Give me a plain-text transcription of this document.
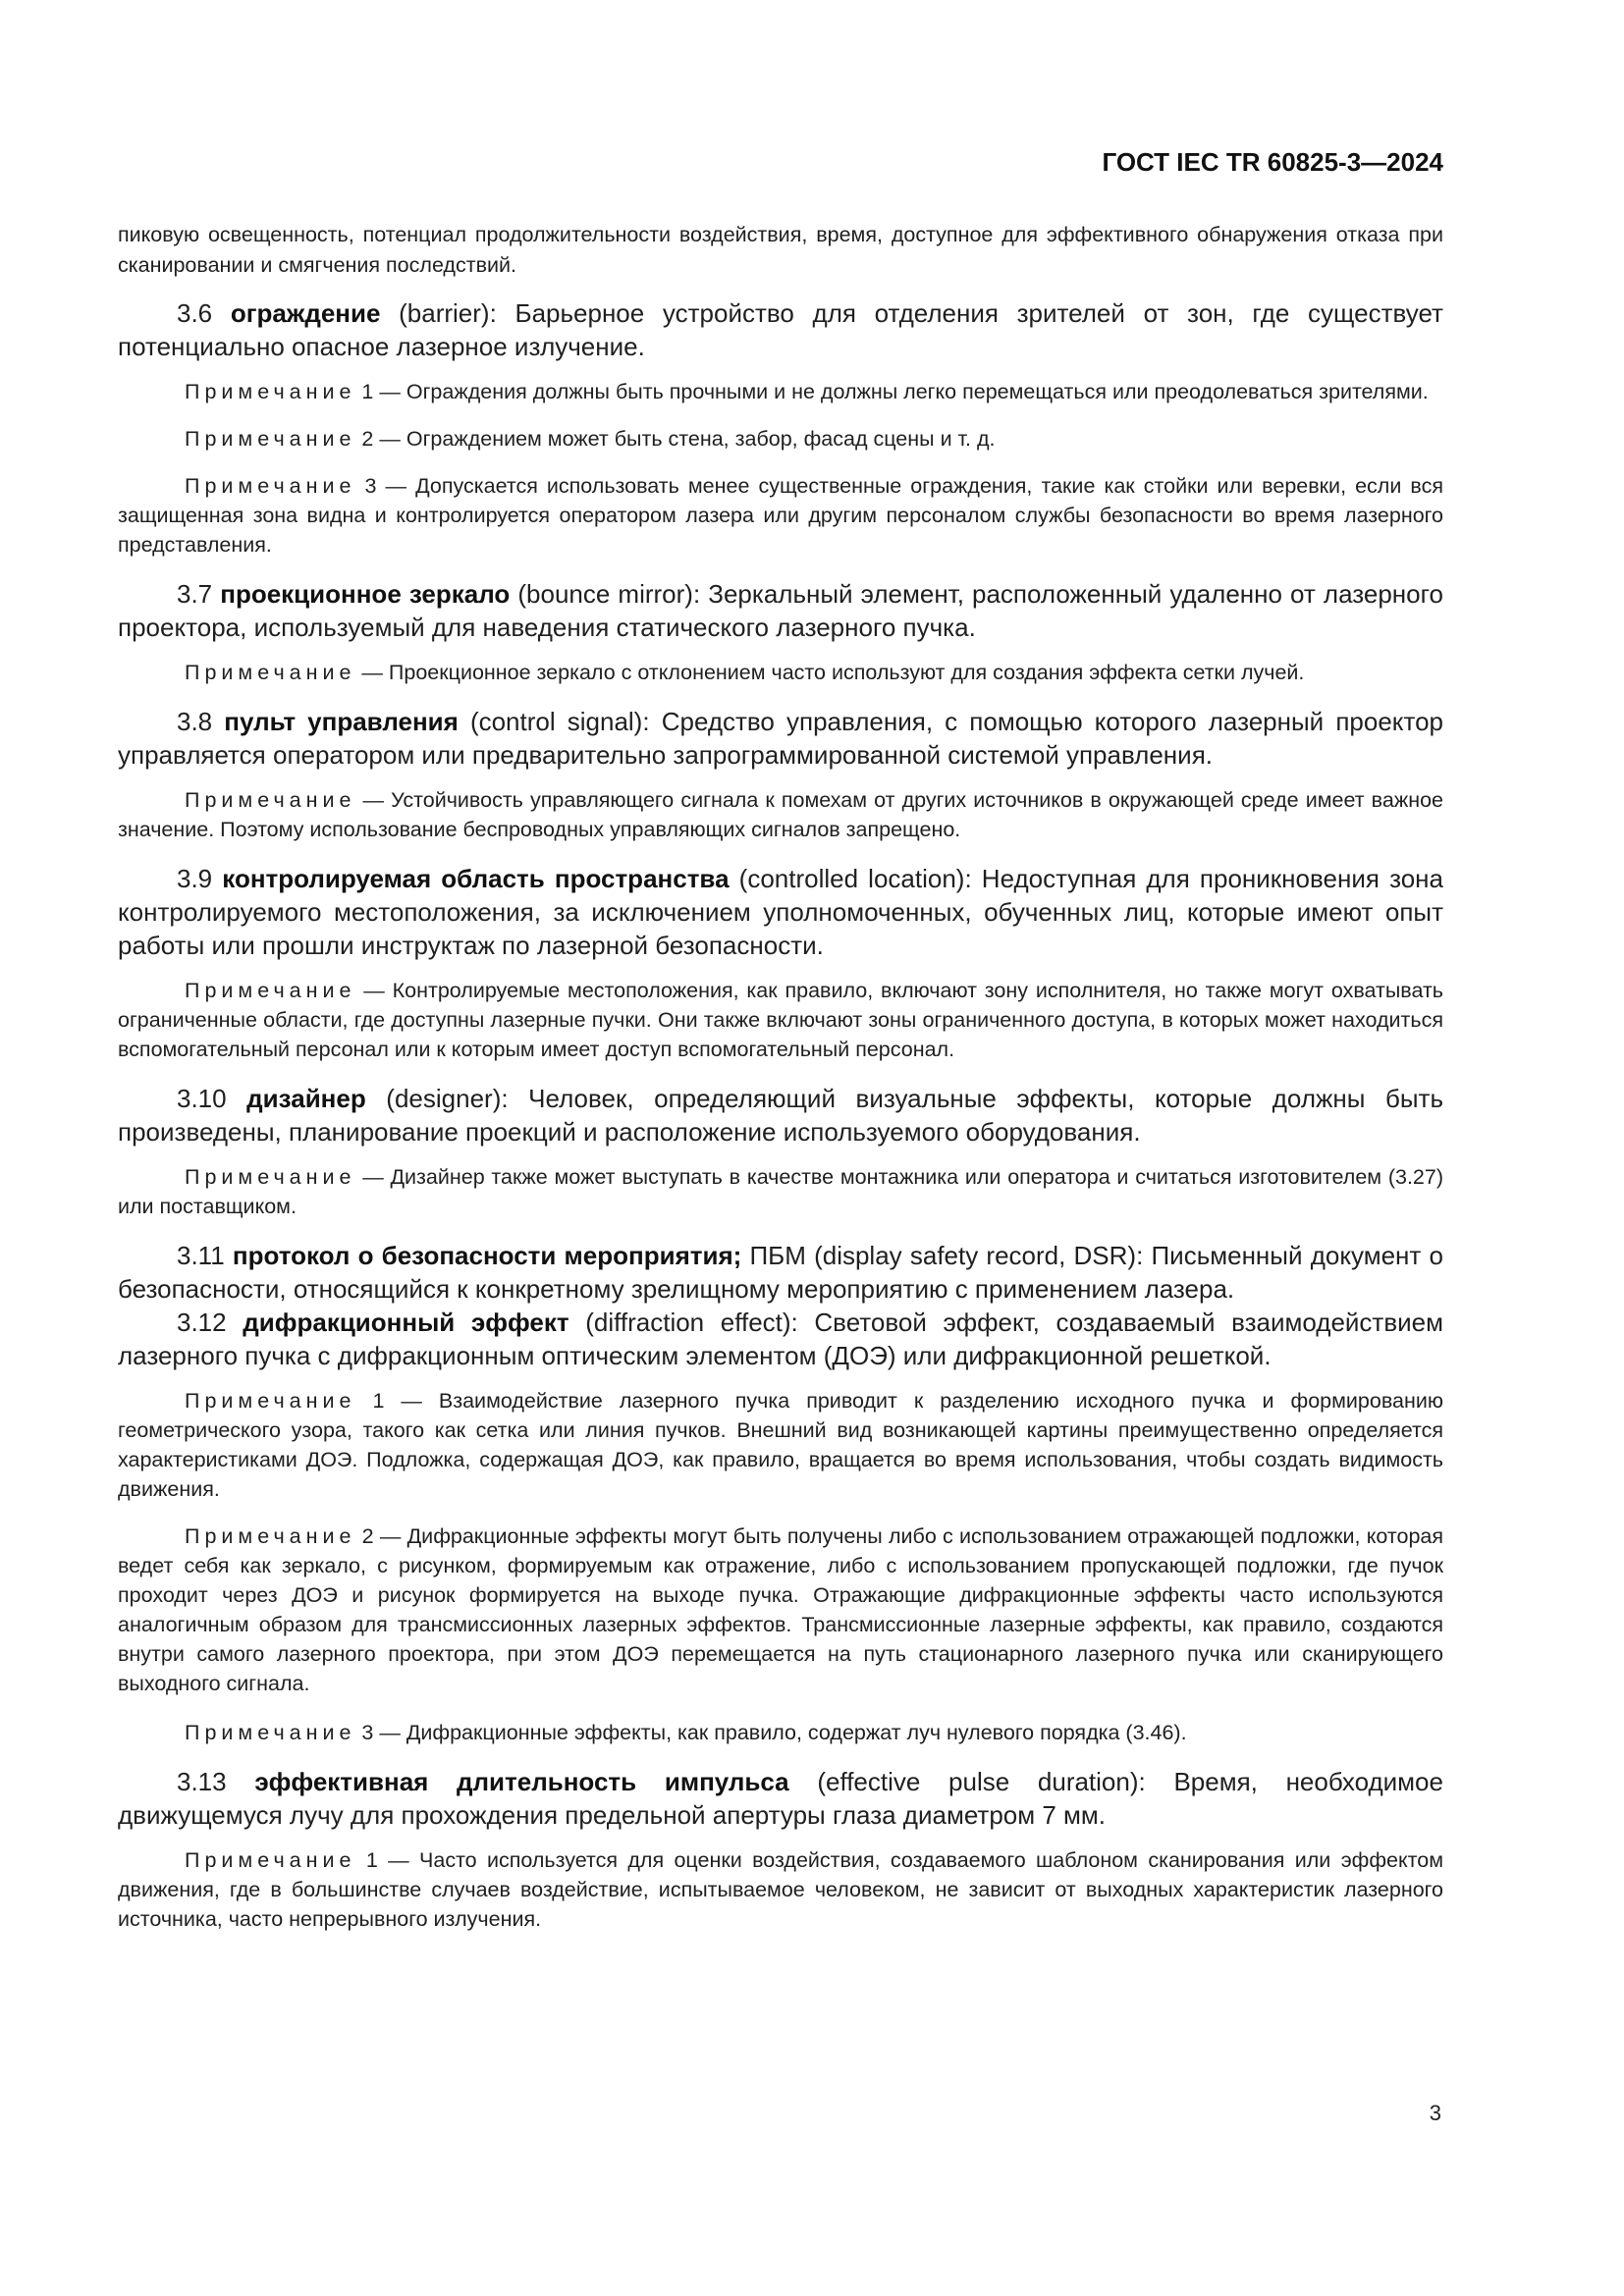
ГОСТ IEC TR 60825-3—2024

пиковую освещенность, потенциал продолжительности воздействия, время, доступное для эффективного обнаружения отказа при сканировании и смягчения последствий.

3.6 ограждение (barrier): Барьерное устройство для отделения зрителей от зон, где существует потенциально опасное лазерное излучение.

Примечание 1 — Ограждения должны быть прочными и не должны легко перемещаться или преодолеваться зрителями.

Примечание 2 — Ограждением может быть стена, забор, фасад сцены и т. д.

Примечание 3 — Допускается использовать менее существенные ограждения, такие как стойки или веревки, если вся защищенная зона видна и контролируется оператором лазера или другим персоналом службы безопасности во время лазерного представления.

3.7 проекционное зеркало (bounce mirror): Зеркальный элемент, расположенный удаленно от лазерного проектора, используемый для наведения статического лазерного пучка.

Примечание — Проекционное зеркало с отклонением часто используют для создания эффекта сетки лучей.

3.8 пульт управления (control signal): Средство управления, с помощью которого лазерный проектор управляется оператором или предварительно запрограммированной системой управления.

Примечание — Устойчивость управляющего сигнала к помехам от других источников в окружающей среде имеет важное значение. Поэтому использование беспроводных управляющих сигналов запрещено.

3.9 контролируемая область пространства (controlled location): Недоступная для проникновения зона контролируемого местоположения, за исключением уполномоченных, обученных лиц, которые имеют опыт работы или прошли инструктаж по лазерной безопасности.

Примечание — Контролируемые местоположения, как правило, включают зону исполнителя, но также могут охватывать ограниченные области, где доступны лазерные пучки. Они также включают зоны ограниченного доступа, в которых может находиться вспомогательный персонал или к которым имеет доступ вспомогательный персонал.

3.10 дизайнер (designer): Человек, определяющий визуальные эффекты, которые должны быть произведены, планирование проекций и расположение используемого оборудования.

Примечание — Дизайнер также может выступать в качестве монтажника или оператора и считаться изготовителем (3.27) или поставщиком.

3.11 протокол о безопасности мероприятия; ПБМ (display safety record, DSR): Письменный документ о безопасности, относящийся к конкретному зрелищному мероприятию с применением лазера.

3.12 дифракционный эффект (diffraction effect): Световой эффект, создаваемый взаимодействием лазерного пучка с дифракционным оптическим элементом (ДОЭ) или дифракционной решеткой.

Примечание 1 — Взаимодействие лазерного пучка приводит к разделению исходного пучка и формированию геометрического узора, такого как сетка или линия пучков. Внешний вид возникающей картины преимущественно определяется характеристиками ДОЭ. Подложка, содержащая ДОЭ, как правило, вращается во время использования, чтобы создать видимость движения.

Примечание 2 — Дифракционные эффекты могут быть получены либо с использованием отражающей подложки, которая ведет себя как зеркало, с рисунком, формируемым как отражение, либо с использованием пропускающей подложки, где пучок проходит через ДОЭ и рисунок формируется на выходе пучка. Отражающие дифракционные эффекты часто используются аналогичным образом для трансмиссионных лазерных эффектов. Трансмиссионные лазерные эффекты, как правило, создаются внутри самого лазерного проектора, при этом ДОЭ перемещается на путь стационарного лазерного пучка или сканирующего выходного сигнала.

Примечание 3 — Дифракционные эффекты, как правило, содержат луч нулевого порядка (3.46).

3.13 эффективная длительность импульса (effective pulse duration): Время, необходимое движущемуся лучу для прохождения предельной апертуры глаза диаметром 7 мм.

Примечание 1 — Часто используется для оценки воздействия, создаваемого шаблоном сканирования или эффектом движения, где в большинстве случаев воздействие, испытываемое человеком, не зависит от выходных характеристик лазерного источника, часто непрерывного излучения.

3
